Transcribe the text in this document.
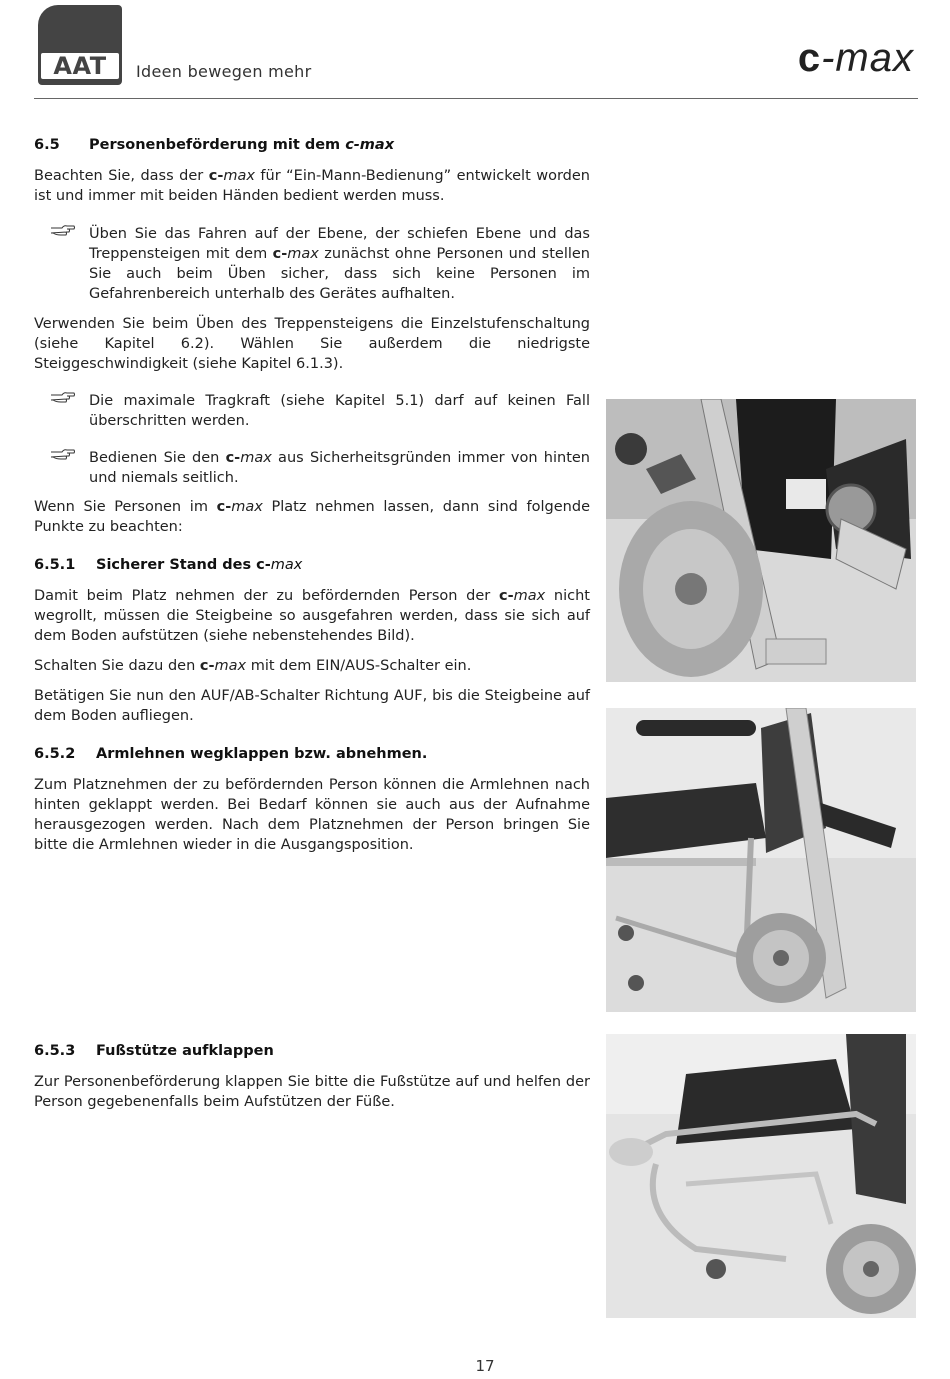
AAT	Ideen bewegen mehr	c-max
6.5 Personenbeförderung mit dem c-max
Beachten Sie, dass der c-max für “Ein-Mann-Bedienung” entwickelt worden ist und immer mit beiden Händen bedient werden muss.
Üben Sie das Fahren auf der Ebene, der schiefen Ebene und das Treppensteigen mit dem c-max zunächst ohne Personen und stellen Sie auch beim Üben sicher, dass sich keine Personen im Gefahrenbereich unterhalb des Gerätes aufhalten.
Verwenden Sie beim Üben des Treppensteigens die Einzelstufenschaltung (siehe Kapitel 6.2). Wählen Sie außerdem die niedrigste Steiggeschwindigkeit (siehe Kapitel 6.1.3).
Die maximale Tragkraft (siehe Kapitel 5.1) darf auf keinen Fall überschritten werden.
Bedienen Sie den c-max aus Sicherheitsgründen immer von hinten und niemals seitlich.
Wenn Sie Personen im c-max Platz nehmen lassen, dann sind folgende Punkte zu beachten:
6.5.1 Sicherer Stand des c-max
Damit beim Platz nehmen der zu befördernden Person der c-max nicht wegrollt, müssen die Steigbeine so ausgefahren werden, dass sie sich auf dem Boden aufstützen (siehe nebenstehendes Bild).
Schalten Sie dazu den c-max mit dem EIN/AUS-Schalter ein.
Betätigen Sie nun den AUF/AB-Schalter Richtung AUF, bis die Steigbeine auf dem Boden aufliegen.
6.5.2 Armlehnen wegklappen bzw. abnehmen.
Zum Platznehmen der zu befördernden Person können die Armlehnen nach hinten geklappt werden. Bei Bedarf können sie auch aus der Aufnahme herausgezogen werden. Nach dem Platznehmen der Person bringen Sie bitte die Armlehnen wieder in die Ausgangsposition.
6.5.3 Fußstütze aufklappen
Zur Personenbeförderung klappen Sie bitte die Fußstütze auf und helfen der Person gegebenenfalls beim Aufstützen der Füße.
17
